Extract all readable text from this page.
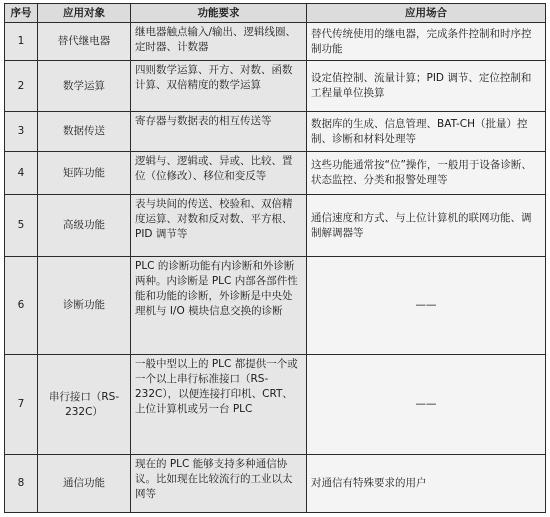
序号	应用对象	功能要求	应用场合
1	替代继电器	继电器触点输入/输出、逻辑线圈、定时器、计数器	替代传统使用的继电器，完成条件控制和时序控制功能
2	数学运算	四则数学运算、开方、对数、函数计算、双倍精度的数学运算	设定值控制、流量计算；PID 调节、定位控制和工程量单位换算
3	数据传送	寄存器与数据表的相互传送等	数据库的生成、信息管理、BAT-CH（批量）控制、诊断和材料处理等
4	矩阵功能	逻辑与、逻辑或、异或、比较、置位（位修改）、移位和变反等	这些功能通常按“位”操作，一般用于设备诊断、状态监控、分类和报警处理等
5	高级功能	表与块间的传送、校验和、双倍精度运算、对数和反对数、平方根、PID 调节等	通信速度和方式、与上位计算机的联网功能、调制解调器等
6	诊断功能	PLC 的诊断功能有内诊断和外诊断两种。内诊断是 PLC 内部各部件性能和功能的诊断，外诊断是中央处理机与 I/O 模块信息交换的诊断	——
7	串行接口（RS-232C）	一般中型以上的 PLC 都提供一个或一个以上串行标准接口（RS-232C），以便连接打印机、CRT、上位计算机或另一台 PLC	——
8	通信功能	现在的 PLC 能够支持多种通信协议。比如现在比较流行的工业以太网等	对通信有特殊要求的用户
